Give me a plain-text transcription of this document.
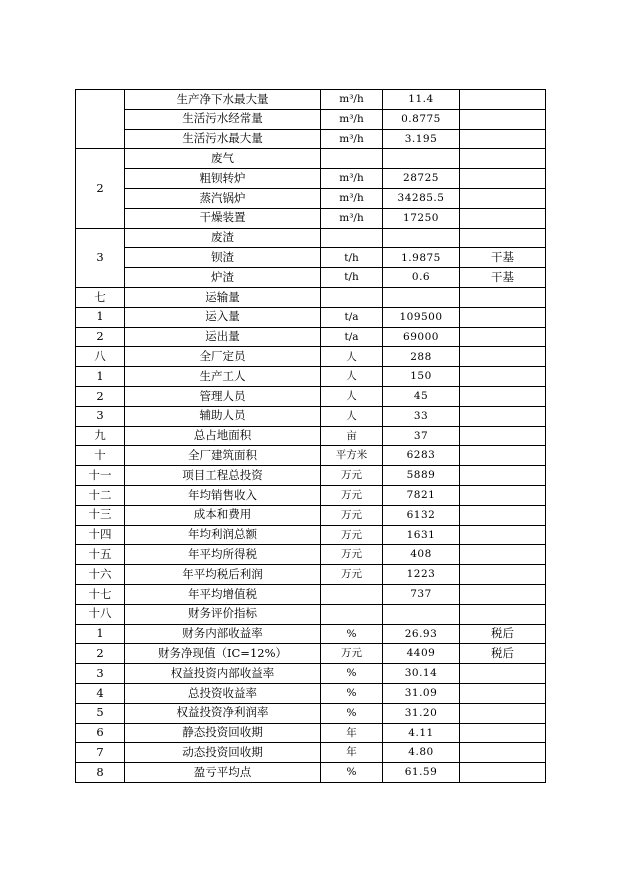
	生产净下水最大量	m³/h	11.4	
	生活污水经常量	m³/h	0.8775	
	生活污水最大量	m³/h	3.195	
2	废气			
	粗钡转炉	m³/h	28725	
	蒸汽锅炉	m³/h	34285.5	
	干燥装置	m³/h	17250	
3	废渣			
	钡渣	t/h	1.9875	干基
	炉渣	t/h	0.6	干基
七	运输量			
1	运入量	t/a	109500	
2	运出量	t/a	69000	
八	全厂定员	人	288	
1	生产工人	人	150	
2	管理人员	人	45	
3	辅助人员	人	33	
九	总占地面积	亩	37	
十	全厂建筑面积	平方米	6283	
十一	项目工程总投资	万元	5889	
十二	年均销售收入	万元	7821	
十三	成本和费用	万元	6132	
十四	年均利润总额	万元	1631	
十五	年平均所得税	万元	408	
十六	年平均税后利润	万元	1223	
十七	年平均增值税		737	
十八	财务评价指标			
1	财务内部收益率	%	26.93	税后
2	财务净现值（IC=12%）	万元	4409	税后
3	权益投资内部收益率	%	30.14	
4	总投资收益率	%	31.09	
5	权益投资净利润率	%	31.20	
6	静态投资回收期	年	4.11	
7	动态投资回收期	年	4.80	
8	盈亏平均点	%	61.59	
